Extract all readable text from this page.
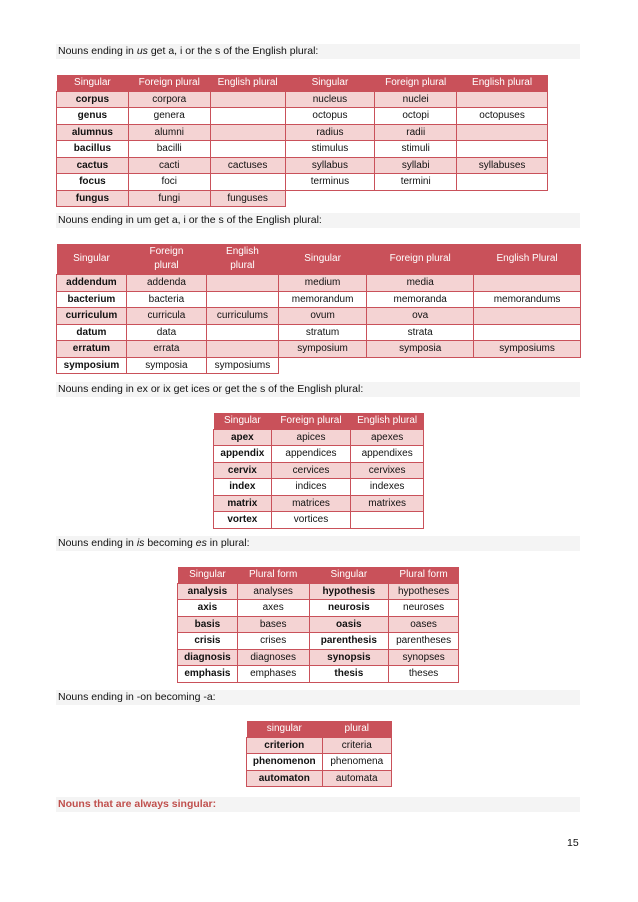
Nouns ending in us get a, i or the s of the English plural:
Singular	Foreign plural	English plural	Singular	Foreign plural	English plural
corpus	corpora		nucleus	nuclei	
genus	genera		octopus	octopi	octopuses
alumnus	alumni		radius	radii	
bacillus	bacilli		stimulus	stimuli	
cactus	cacti	cactuses	syllabus	syllabi	syllabuses
focus	foci		terminus	termini	
fungus	fungi	funguses			
Nouns ending in um get a, i or the s of the English plural:
Singular	Foreign plural	English plural	Singular	Foreign plural	English Plural
addendum	addenda		medium	media	
bacterium	bacteria		memorandum	memoranda	memorandums
curriculum	curricula	curriculums	ovum	ova	
datum	data		stratum	strata	
erratum	errata		symposium	symposia	symposiums
symposium	symposia	symposiums			
Nouns ending in ex or ix get ices or get the s of the English plural:
Singular	Foreign plural	English plural
apex	apices	apexes
appendix	appendices	appendixes
cervix	cervices	cervixes
index	indices	indexes
matrix	matrices	matrixes
vortex	vortices	
Nouns ending in is becoming es in plural:
Singular	Plural form	Singular	Plural form
analysis	analyses	hypothesis	hypotheses
axis	axes	neurosis	neuroses
basis	bases	oasis	oases
crisis	crises	parenthesis	parentheses
diagnosis	diagnoses	synopsis	synopses
emphasis	emphases	thesis	theses
Nouns ending in -on becoming -a:
singular	plural
criterion	criteria
phenomenon	phenomena
automaton	automata
Nouns that are always singular:
15
